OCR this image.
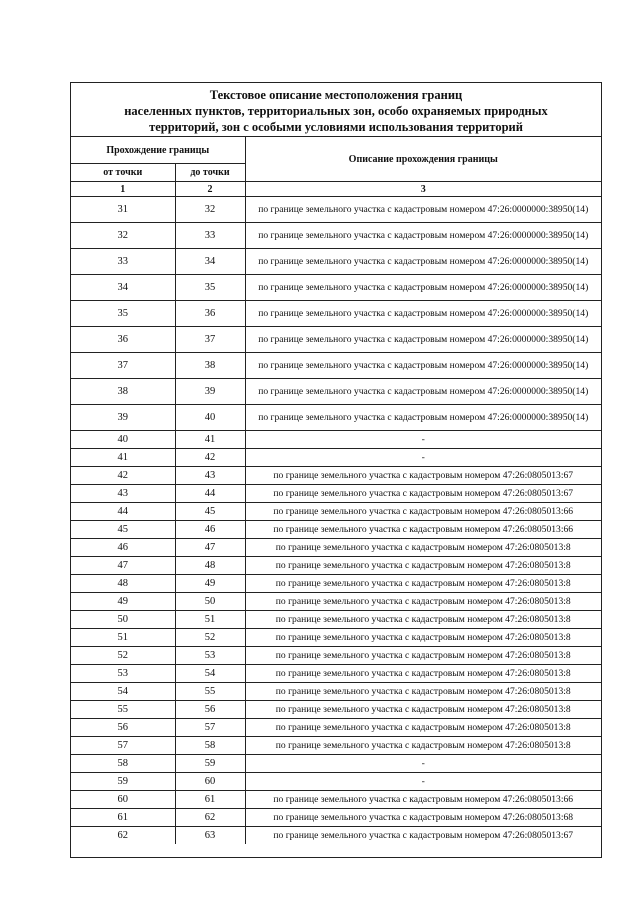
Текстовое описание местоположения границ
населенных пунктов, территориальных зон, особо охраняемых природных
территорий, зон с особыми условиями использования территорий
Прохождение границы		Описание прохождения границы
от точки	до точки	
1	2	3
31	32	по границе земельного участка с кадастровым номером 47:26:0000000:38950(14)
32	33	по границе земельного участка с кадастровым номером 47:26:0000000:38950(14)
33	34	по границе земельного участка с кадастровым номером 47:26:0000000:38950(14)
34	35	по границе земельного участка с кадастровым номером 47:26:0000000:38950(14)
35	36	по границе земельного участка с кадастровым номером 47:26:0000000:38950(14)
36	37	по границе земельного участка с кадастровым номером 47:26:0000000:38950(14)
37	38	по границе земельного участка с кадастровым номером 47:26:0000000:38950(14)
38	39	по границе земельного участка с кадастровым номером 47:26:0000000:38950(14)
39	40	по границе земельного участка с кадастровым номером 47:26:0000000:38950(14)
40	41	-
41	42	-
42	43	по границе земельного участка с кадастровым номером 47:26:0805013:67
43	44	по границе земельного участка с кадастровым номером 47:26:0805013:67
44	45	по границе земельного участка с кадастровым номером 47:26:0805013:66
45	46	по границе земельного участка с кадастровым номером 47:26:0805013:66
46	47	по границе земельного участка с кадастровым номером 47:26:0805013:8
47	48	по границе земельного участка с кадастровым номером 47:26:0805013:8
48	49	по границе земельного участка с кадастровым номером 47:26:0805013:8
49	50	по границе земельного участка с кадастровым номером 47:26:0805013:8
50	51	по границе земельного участка с кадастровым номером 47:26:0805013:8
51	52	по границе земельного участка с кадастровым номером 47:26:0805013:8
52	53	по границе земельного участка с кадастровым номером 47:26:0805013:8
53	54	по границе земельного участка с кадастровым номером 47:26:0805013:8
54	55	по границе земельного участка с кадастровым номером 47:26:0805013:8
55	56	по границе земельного участка с кадастровым номером 47:26:0805013:8
56	57	по границе земельного участка с кадастровым номером 47:26:0805013:8
57	58	по границе земельного участка с кадастровым номером 47:26:0805013:8
58	59	-
59	60	-
60	61	по границе земельного участка с кадастровым номером 47:26:0805013:66
61	62	по границе земельного участка с кадастровым номером 47:26:0805013:68
62	63	по границе земельного участка с кадастровым номером 47:26:0805013:67
